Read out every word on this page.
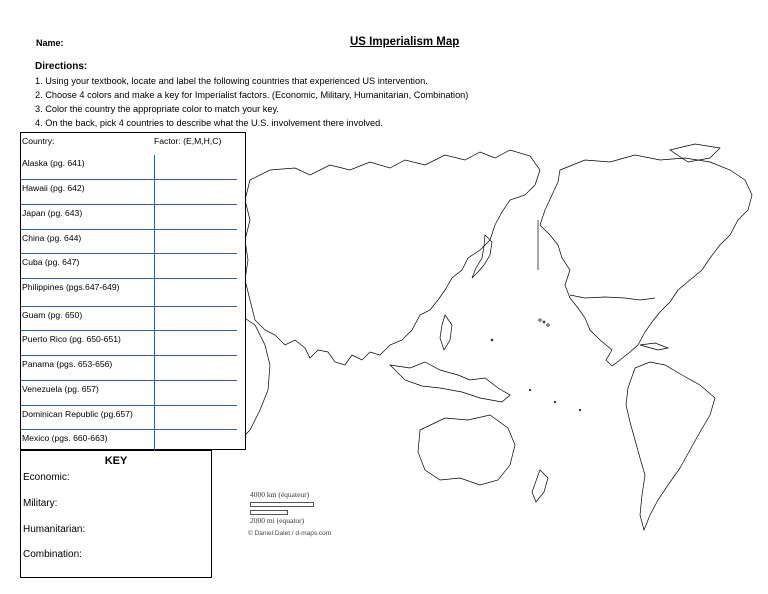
Name:	US Imperialism Map
Directions:
1. Using your textbook, locate and label the following countries that experienced US intervention.
2. Choose 4 colors and make a key for Imperialist factors. (Economic, Military, Humanitarian, Combination)
3. Color the country the appropriate color to match your key.
4. On the back, pick 4 countries to describe what the U.S. involvement there involved.
Country:	Factor: (E,M,H,C)
Alaska (pg. 641)
Hawaii (pg. 642)
Japan (pg. 643)
China (pg. 644)
Cuba (pg. 647)
Philippines (pgs.647-649)
Guam (pg. 650)
Puerto Rico (pg. 650-651)
Panama (pgs. 653-656)
Venezuela (pg. 657)
Dominican Republic (pg.657)
Mexico (pgs. 660-663)
KEY
Economic:
Military:
Humanitarian:
Combination:
4000 km (équateur)
2000 mi (equator)
© Daniel Dalet / d-maps.com
